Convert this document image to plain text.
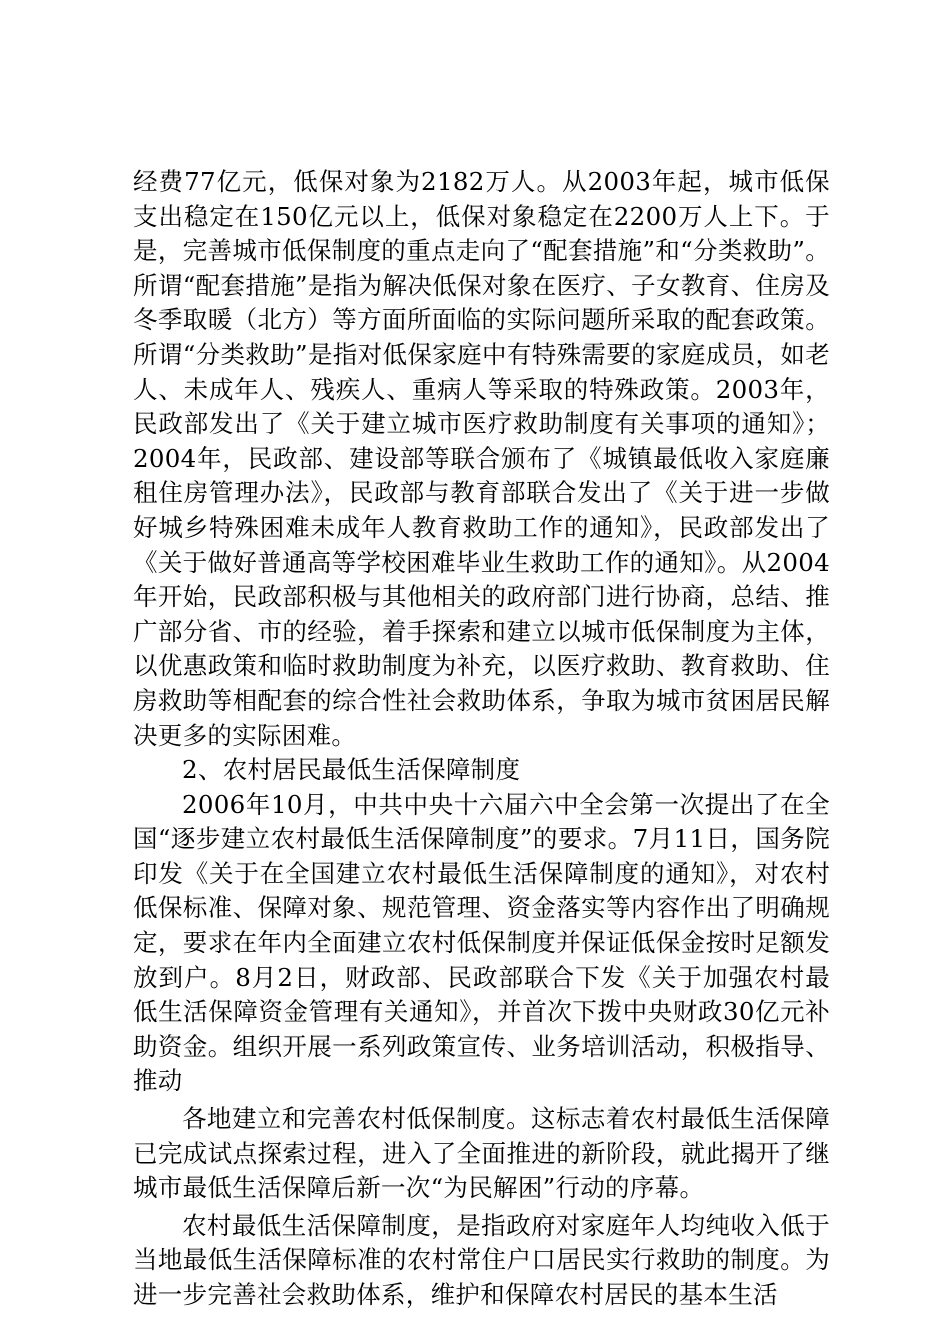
经费77亿元，低保对象为2182万人。从2003年起，城市低保支出稳定在150亿元以上，低保对象稳定在2200万人上下。于是，完善城市低保制度的重点走向了“配套措施”和“分类救助”。所谓“配套措施”是指为解决低保对象在医疗、子女教育、住房及冬季取暖（北方）等方面所面临的实际问题所采取的配套政策。所谓“分类救助”是指对低保家庭中有特殊需要的家庭成员，如老人、未成年人、残疾人、重病人等采取的特殊政策。2003年，民政部发出了《关于建立城市医疗救助制度有关事项的通知》；2004年，民政部、建设部等联合颁布了《城镇最低收入家庭廉租住房管理办法》，民政部与教育部联合发出了《关于进一步做好城乡特殊困难未成年人教育救助工作的通知》，民政部发出了《关于做好普通高等学校困难毕业生救助工作的通知》。从2004年开始，民政部积极与其他相关的政府部门进行协商，总结、推广部分省、市的经验，着手探索和建立以城市低保制度为主体，以优惠政策和临时救助制度为补充，以医疗救助、教育救助、住房救助等相配套的综合性社会救助体系，争取为城市贫困居民解决更多的实际困难。

2、农村居民最低生活保障制度

2006年10月，中共中央十六届六中全会第一次提出了在全国“逐步建立农村最低生活保障制度”的要求。7月11日，国务院印发《关于在全国建立农村最低生活保障制度的通知》，对农村低保标准、保障对象、规范管理、资金落实等内容作出了明确规定，要求在年内全面建立农村低保制度并保证低保金按时足额发放到户。8月2日，财政部、民政部联合下发《关于加强农村最低生活保障资金管理有关通知》，并首次下拨中央财政30亿元补助资金。组织开展一系列政策宣传、业务培训活动，积极指导、推动

各地建立和完善农村低保制度。这标志着农村最低生活保障已完成试点探索过程，进入了全面推进的新阶段，就此揭开了继城市最低生活保障后新一次“为民解困”行动的序幕。

农村最低生活保障制度，是指政府对家庭年人均纯收入低于当地最低生活保障标准的农村常住户口居民实行救助的制度。为进一步完善社会救助体系，维护和保障农村居民的基本生活
